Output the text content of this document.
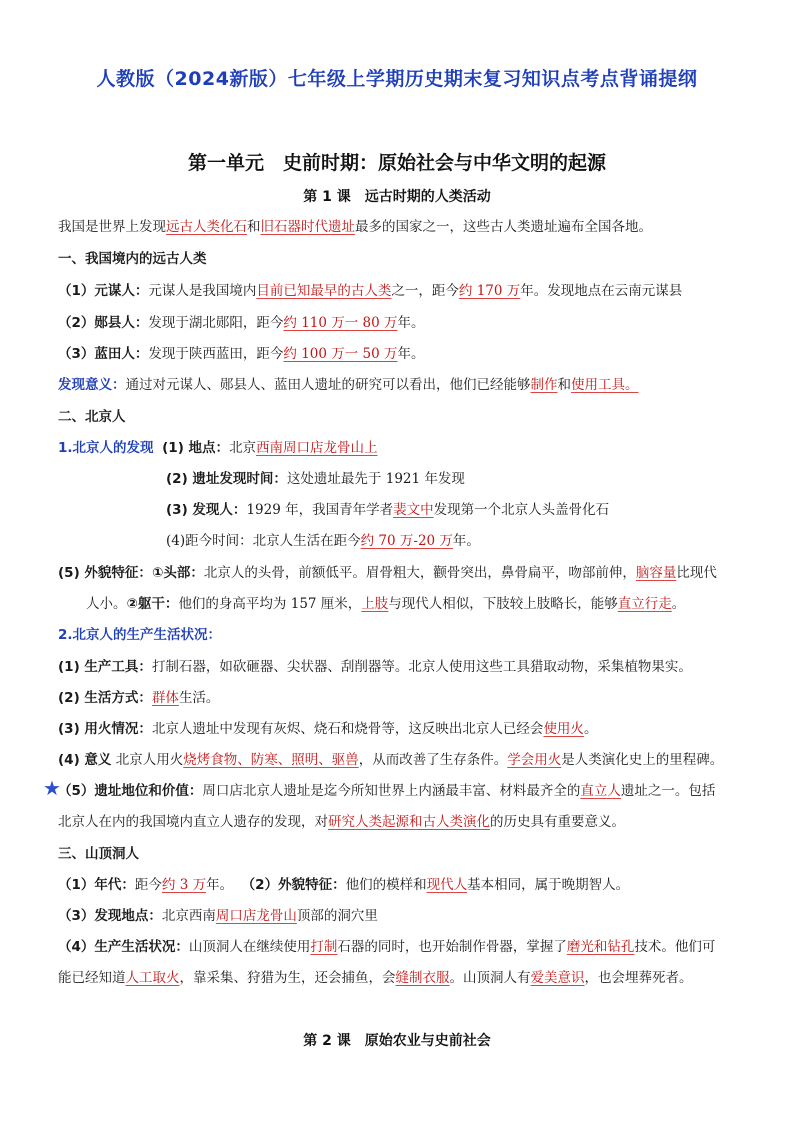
人教版（2024新版）七年级上学期历史期末复习知识点考点背诵提纲
第一单元　史前时期：原始社会与中华文明的起源
第 1 课　远古时期的人类活动
我国是世界上发现远古人类化石和旧石器时代遗址最多的国家之一，这些古人类遗址遍布全国各地。
一、我国境内的远古人类
（1）元谋人：元谋人是我国境内目前已知最早的古人类之一，距今约 170 万年。发现地点在云南元谋县
（2）郧县人：发现于湖北郧阳，距今约 110 万一 80 万年。
（3）蓝田人：发现于陕西蓝田，距今约 100 万一 50 万年。
发现意义：通过对元谋人、郧县人、蓝田人遗址的研究可以看出，他们已经能够制作和使用工具。
二、北京人
1.北京人的发现 (1) 地点：北京西南周口店龙骨山上
(2) 遗址发现时间：这处遗址最先于 1921 年发现
(3) 发现人：1929 年，我国青年学者裴文中发现第一个北京人头盖骨化石
(4)距今时间：北京人生活在距今约 70 万-20 万年。
(5) 外貌特征：①头部：北京人的头骨，前额低平。眉骨粗大，颧骨突出，鼻骨扁平，吻部前伸，脑容量比现代
人小。②躯干：他们的身高平均为 157 厘米，上肢与现代人相似，下肢较上肢略长，能够直立行走。
2.北京人的生产生活状况：
(1) 生产工具：打制石器，如砍砸器、尖状器、刮削器等。北京人使用这些工具猎取动物，采集植物果实。
(2) 生活方式：群体生活。
(3) 用火情况：北京人遗址中发现有灰烬、烧石和烧骨等，这反映出北京人已经会使用火。
(4) 意义 北京人用火烧烤食物、防寒、照明、驱兽，从而改善了生存条件。学会用火是人类演化史上的里程碑。
★
（5）遗址地位和价值：周口店北京人遗址是迄今所知世界上内涵最丰富、材料最齐全的直立人遗址之一。包括
北京人在内的我国境内直立人遗存的发现，对研究人类起源和古人类演化的历史具有重要意义。
三、山顶洞人
（1）年代：距今约 3 万年。 （2）外貌特征：他们的模样和现代人基本相同，属于晚期智人。
（3）发现地点：北京西南周口店龙骨山顶部的洞穴里
（4）生产生活状况：山顶洞人在继续使用打制石器的同时，也开始制作骨器，掌握了磨光和钻孔技术。他们可
能已经知道人工取火，靠采集、狩猎为生，还会捕鱼，会缝制衣服。山顶洞人有爱美意识，也会埋葬死者。
第 2 课　原始农业与史前社会
